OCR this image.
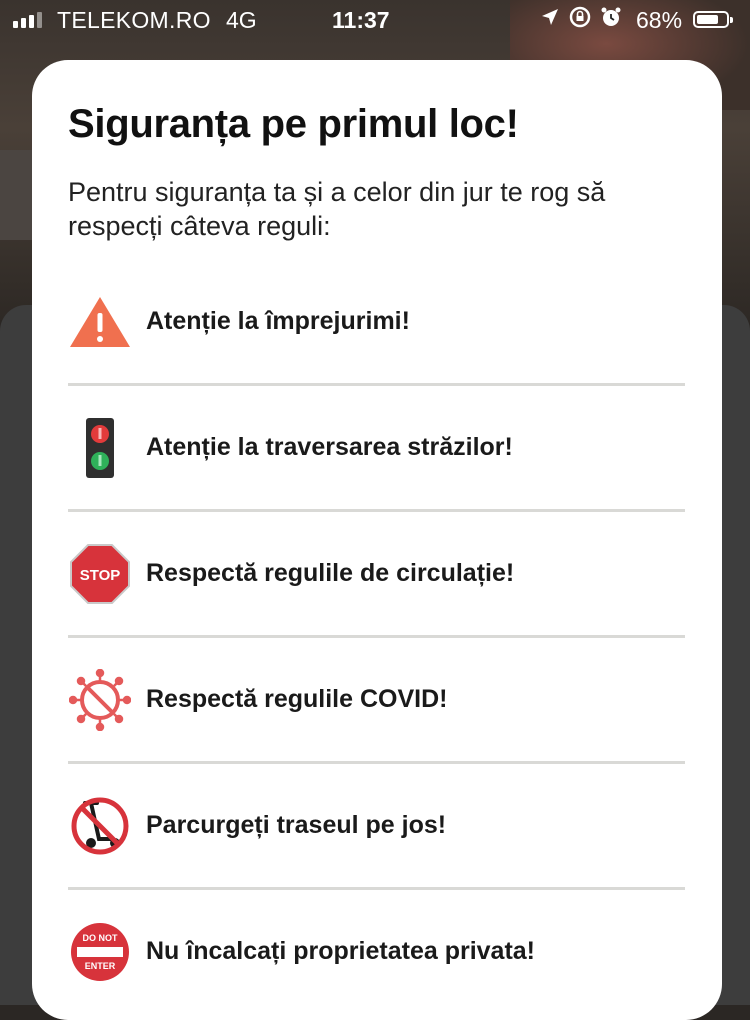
TELEKOM.RO 4G	11:37	68%
Siguranța pe primul loc!

Pentru siguranța ta și a celor din jur te rog să respecți câteva reguli:

Atenție la împrejurimi!
Atenție la traversarea străzilor!
STOP Respectă regulile de circulație!
Respectă regulile COVID!
Parcurgeți traseul pe jos!
DO NOT
ENTER
Nu încalcați proprietatea privata!
